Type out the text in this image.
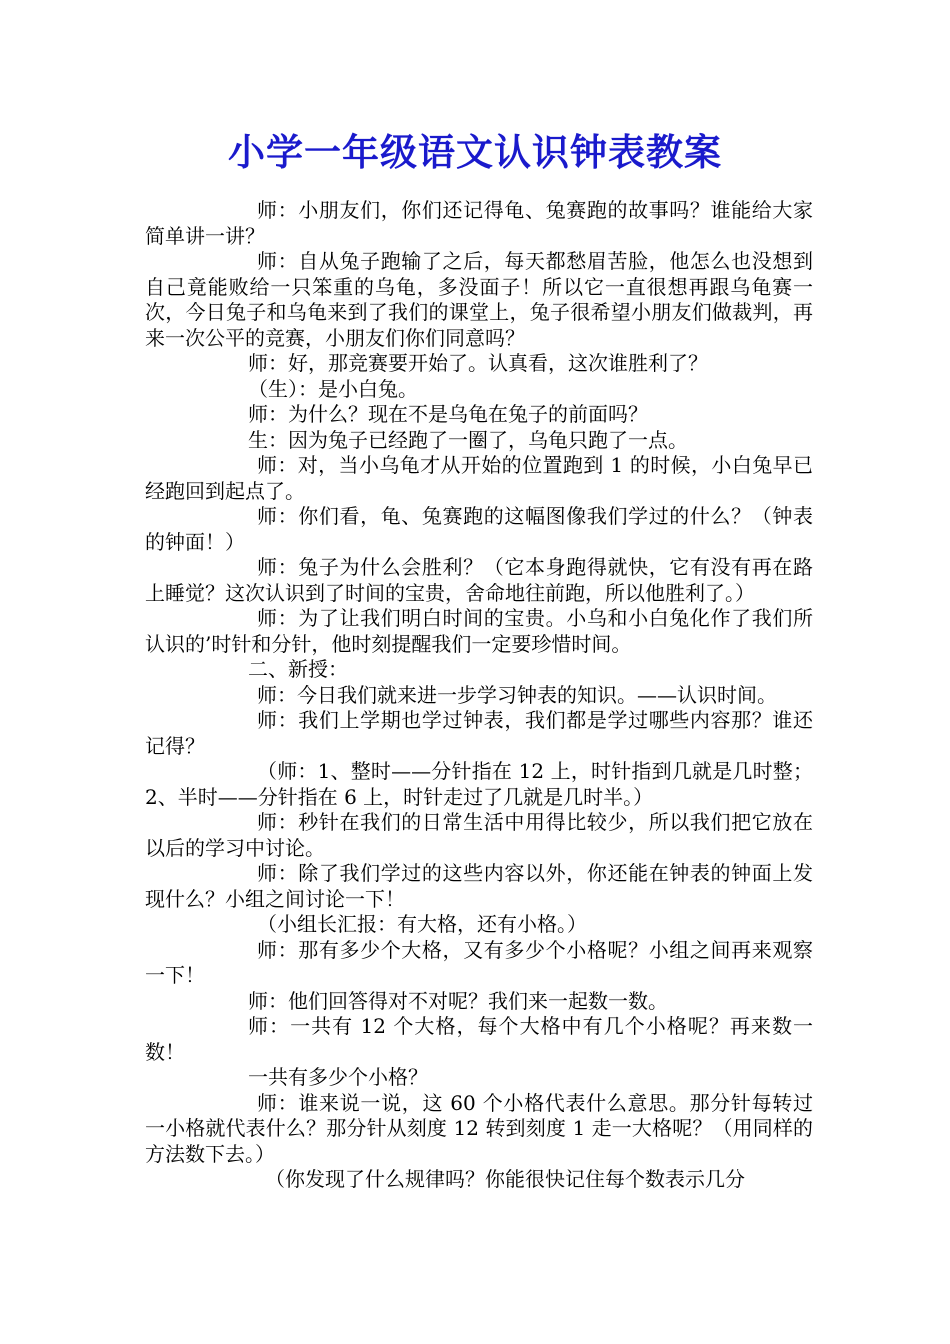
小学一年级语文认识钟表教案

师：小朋友们，你们还记得龟、兔赛跑的故事吗？谁能给大家简单讲一讲？

师：自从兔子跑输了之后，每天都愁眉苦脸，他怎么也没想到自己竟能败给一只笨重的乌龟，多没面子！所以它一直很想再跟乌龟赛一次，今日兔子和乌龟来到了我们的课堂上，兔子很希望小朋友们做裁判，再来一次公平的竞赛，小朋友们你们同意吗？

师：好，那竞赛要开始了。认真看，这次谁胜利了？

（生）：是小白兔。

师：为什么？现在不是乌龟在兔子的前面吗？

生：因为兔子已经跑了一圈了，乌龟只跑了一点。

师：对，当小乌龟才从开始的位置跑到 1 的时候，小白兔早已经跑回到起点了。

师：你们看，龟、兔赛跑的这幅图像我们学过的什么？（钟表的钟面！）

师：兔子为什么会胜利？（它本身跑得就快，它有没有再在路上睡觉？这次认识到了时间的宝贵，舍命地往前跑，所以他胜利了。）

师：为了让我们明白时间的宝贵。小乌和小白兔化作了我们所认识的’时针和分针，他时刻提醒我们一定要珍惜时间。

二、新授：

师：今日我们就来进一步学习钟表的知识。——认识时间。

师：我们上学期也学过钟表，我们都是学过哪些内容那？谁还记得？

（师：1、整时——分针指在 12 上，时针指到几就是几时整；2、半时——分针指在 6 上，时针走过了几就是几时半。）

师：秒针在我们的日常生活中用得比较少，所以我们把它放在以后的学习中讨论。

师：除了我们学过的这些内容以外，你还能在钟表的钟面上发现什么？小组之间讨论一下！

（小组长汇报：有大格，还有小格。）

师：那有多少个大格，又有多少个小格呢？小组之间再来观察一下！

师：他们回答得对不对呢？我们来一起数一数。

师：一共有 12 个大格，每个大格中有几个小格呢？再来数一数！

一共有多少个小格？

师：谁来说一说，这 60 个小格代表什么意思。那分针每转过一小格就代表什么？那分针从刻度 12 转到刻度 1 走一大格呢？（用同样的方法数下去。）

（你发现了什么规律吗？你能很快记住每个数表示几分
